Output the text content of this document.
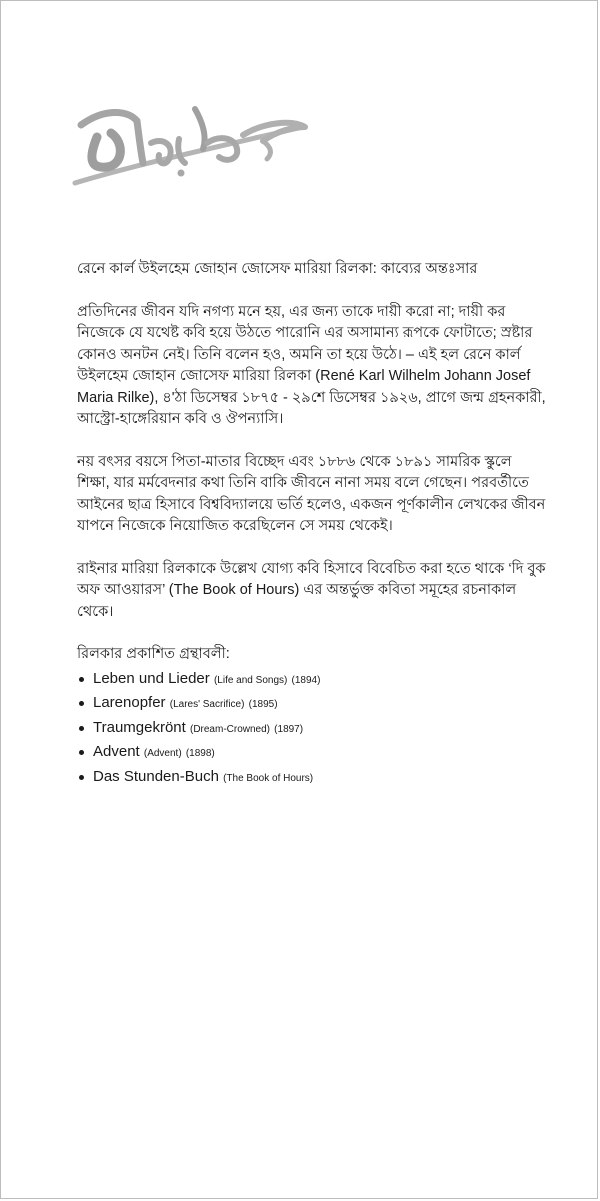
রেনে কার্ল উইলহেম জোহান জোসেফ মারিয়া রিলকা: কাব্যের অন্তঃসার

প্রতিদিনের জীবন যদি নগণ্য মনে হয়, এর জন্য তাকে দায়ী করো না; দায়ী কর নিজেকে যে যথেষ্ট কবি হয়ে উঠতে পারোনি এর অসামান্য রূপকে ফোটাতে; স্রষ্টার কোনও অনটন নেই। তিনি বলেন হও, অমনি তা হয়ে উঠে। – এই হল রেনে কার্ল উইলহেম জোহান জোসেফ মারিয়া রিলকা (René Karl Wilhelm Johann Josef Maria Rilke), ৪'ঠা ডিসেম্বর ১৮৭৫ - ২৯শে ডিসেম্বর ১৯২৬, প্রাগে জন্ম গ্রহনকারী, আস্ট্রো-হাঙ্গেরিয়ান কবি ও ঔপন্যাসি।

নয় বৎসর বয়সে পিতা-মাতার বিচ্ছেদ এবং ১৮৮৬ থেকে ১৮৯১ সামরিক স্কুলে শিক্ষা, যার মর্মবেদনার কথা তিনি বাকি জীবনে নানা সময় বলে গেছেন। পরবর্তীতে আইনের ছাত্র হিসাবে বিশ্ববিদ্যালয়ে ভর্তি হলেও, একজন পূর্ণকালীন লেখকের জীবন যাপনে নিজেকে নিয়োজিত করেছিলেন সে সময় থেকেই।

রাইনার মারিয়া রিলকাকে উল্লেখ যোগ্য কবি হিসাবে বিবেচিত করা হতে থাকে ‘দি বুক অফ আওয়ারস’ (The Book of Hours) এর অন্তর্ভুক্ত কবিতা সমূহের রচনাকাল থেকে।

রিলকার প্রকাশিত গ্রন্থাবলী:

Leben und Lieder (Life and Songs) (1894)
Larenopfer (Lares' Sacrifice) (1895)
Traumgekrönt (Dream-Crowned) (1897)
Advent (Advent) (1898)
Das Stunden-Buch (The Book of Hours)
